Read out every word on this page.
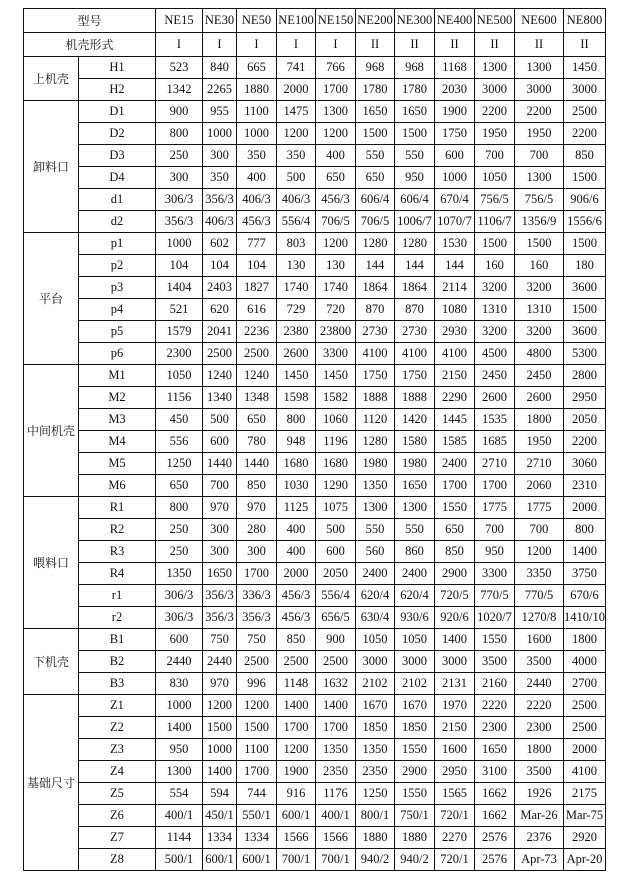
型号		NE15	NE30	NE50	NE100	NE150	NE200	NE300	NE400	NE500	NE600	NE800
机壳形式		I	I	I	I	I	II	II	II	II	II	II
上机壳	H1	523	840	665	741	766	968	968	1168	1300	1300	1450
	H2	1342	2265	1880	2000	1700	1780	1780	2030	3000	3000	3000
卸料口	D1	900	955	1100	1475	1300	1650	1650	1900	2200	2200	2500
	D2	800	1000	1000	1200	1200	1500	1500	1750	1950	1950	2200
	D3	250	300	350	350	400	550	550	600	700	700	850
	D4	300	350	400	500	650	650	950	1000	1050	1300	1500
	d1	306/3	356/3	406/3	406/3	456/3	606/4	606/4	670/4	756/5	756/5	906/6
	d2	356/3	406/3	456/3	556/4	706/5	706/5	1006/7	1070/7	1106/7	1356/9	1556/6
平台	p1	1000	602	777	803	1200	1280	1280	1530	1500	1500	1500
	p2	104	104	104	130	130	144	144	144	160	160	180
	p3	1404	2403	1827	1740	1740	1864	1864	2114	3200	3200	3600
	p4	521	620	616	729	720	870	870	1080	1310	1310	1500
	p5	1579	2041	2236	2380	23800	2730	2730	2930	3200	3200	3600
	p6	2300	2500	2500	2600	3300	4100	4100	4100	4500	4800	5300
中间机壳	M1	1050	1240	1240	1450	1450	1750	1750	2150	2450	2450	2800
	M2	1156	1340	1348	1598	1582	1888	1888	2290	2600	2600	2950
	M3	450	500	650	800	1060	1120	1420	1445	1535	1800	2050
	M4	556	600	780	948	1196	1280	1580	1585	1685	1950	2200
	M5	1250	1440	1440	1680	1680	1980	1980	2400	2710	2710	3060
	M6	650	700	850	1030	1290	1350	1650	1700	1700	2060	2310
喂料口	R1	800	970	970	1125	1075	1300	1300	1550	1775	1775	2000
	R2	250	300	280	400	500	550	550	650	700	700	800
	R3	250	300	300	400	600	560	860	850	950	1200	1400
	R4	1350	1650	1700	2000	2050	2400	2400	2900	3300	3350	3750
	r1	306/3	356/3	336/3	456/3	556/4	620/4	620/4	720/5	770/5	770/5	670/6
	r2	306/3	356/3	356/3	456/3	656/5	630/4	930/6	920/6	1020/7	1270/8	1410/10
下机壳	B1	600	750	750	850	900	1050	1050	1400	1550	1600	1800
	B2	2440	2440	2500	2500	2500	3000	3000	3000	3500	3500	4000
	B3	830	970	996	1148	1632	2102	2102	2131	2160	2440	2700
基础尺寸	Z1	1000	1200	1200	1400	1400	1670	1670	1970	2220	2220	2500
	Z2	1400	1500	1500	1700	1700	1850	1850	2150	2300	2300	2500
	Z3	950	1000	1100	1200	1350	1350	1550	1600	1650	1800	2000
	Z4	1300	1400	1700	1900	2350	2350	2900	2950	3100	3500	4100
	Z5	554	594	744	916	1176	1250	1550	1565	1662	1926	2175
	Z6	400/1	450/1	550/1	600/1	400/1	800/1	750/1	720/1	1662	Mar-26	Mar-75
	Z7	1144	1334	1334	1566	1566	1880	1880	2270	2576	2376	2920
	Z8	500/1	600/1	600/1	700/1	700/1	940/2	940/2	720/1	2576	Apr-73	Apr-20
